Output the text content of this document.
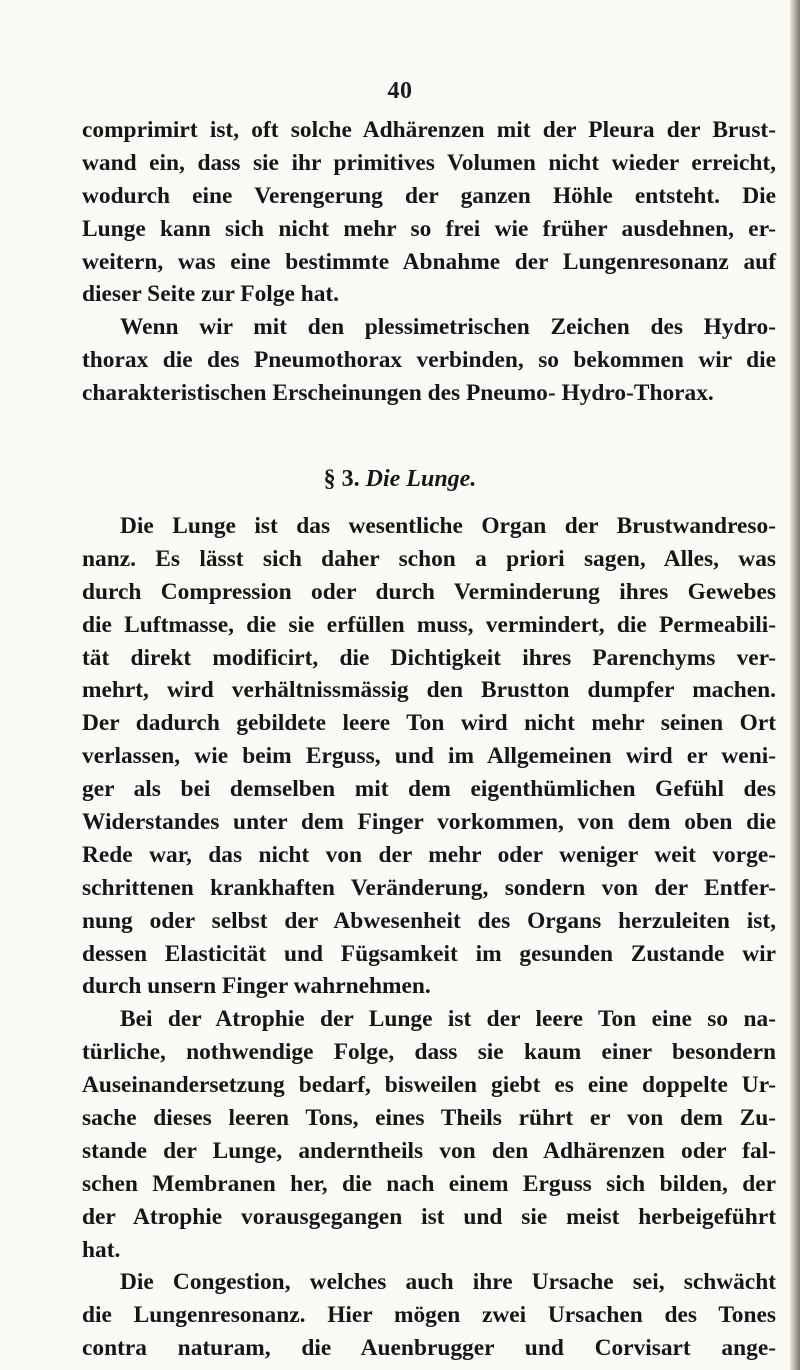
40
comprimirt ist, oft solche Adhärenzen mit der Pleura der Brust-
wand ein, dass sie ihr primitives Volumen nicht wieder erreicht,
wodurch eine Verengerung der ganzen Höhle entsteht. Die
Lunge kann sich nicht mehr so frei wie früher ausdehnen, er-
weitern, was eine bestimmte Abnahme der Lungenresonanz auf
dieser Seite zur Folge hat.
Wenn wir mit den plessimetrischen Zeichen des Hydro-
thorax die des Pneumothorax verbinden, so bekommen wir die
charakteristischen Erscheinungen des Pneumo- Hydro-Thorax.
§ 3. Die Lunge.
Die Lunge ist das wesentliche Organ der Brustwandreso-
nanz. Es lässt sich daher schon a priori sagen, Alles, was
durch Compression oder durch Verminderung ihres Gewebes
die Luftmasse, die sie erfüllen muss, vermindert, die Permeabili-
tät direkt modificirt, die Dichtigkeit ihres Parenchyms ver-
mehrt, wird verhältnissmässig den Brustton dumpfer machen.
Der dadurch gebildete leere Ton wird nicht mehr seinen Ort
verlassen, wie beim Erguss, und im Allgemeinen wird er weni-
ger als bei demselben mit dem eigenthümlichen Gefühl des
Widerstandes unter dem Finger vorkommen, von dem oben die
Rede war, das nicht von der mehr oder weniger weit vorge-
schrittenen krankhaften Veränderung, sondern von der Entfer-
nung oder selbst der Abwesenheit des Organs herzuleiten ist,
dessen Elasticität und Fügsamkeit im gesunden Zustande wir
durch unsern Finger wahrnehmen.
Bei der Atrophie der Lunge ist der leere Ton eine so na-
türliche, nothwendige Folge, dass sie kaum einer besondern
Auseinandersetzung bedarf, bisweilen giebt es eine doppelte Ur-
sache dieses leeren Tons, eines Theils rührt er von dem Zu-
stande der Lunge, anderntheils von den Adhärenzen oder fal-
schen Membranen her, die nach einem Erguss sich bilden, der
der Atrophie vorausgegangen ist und sie meist herbeigeführt
hat.
Die Congestion, welches auch ihre Ursache sei, schwächt
die Lungenresonanz. Hier mögen zwei Ursachen des Tones
contra naturam, die Auenbrugger und Corvisart ange-
